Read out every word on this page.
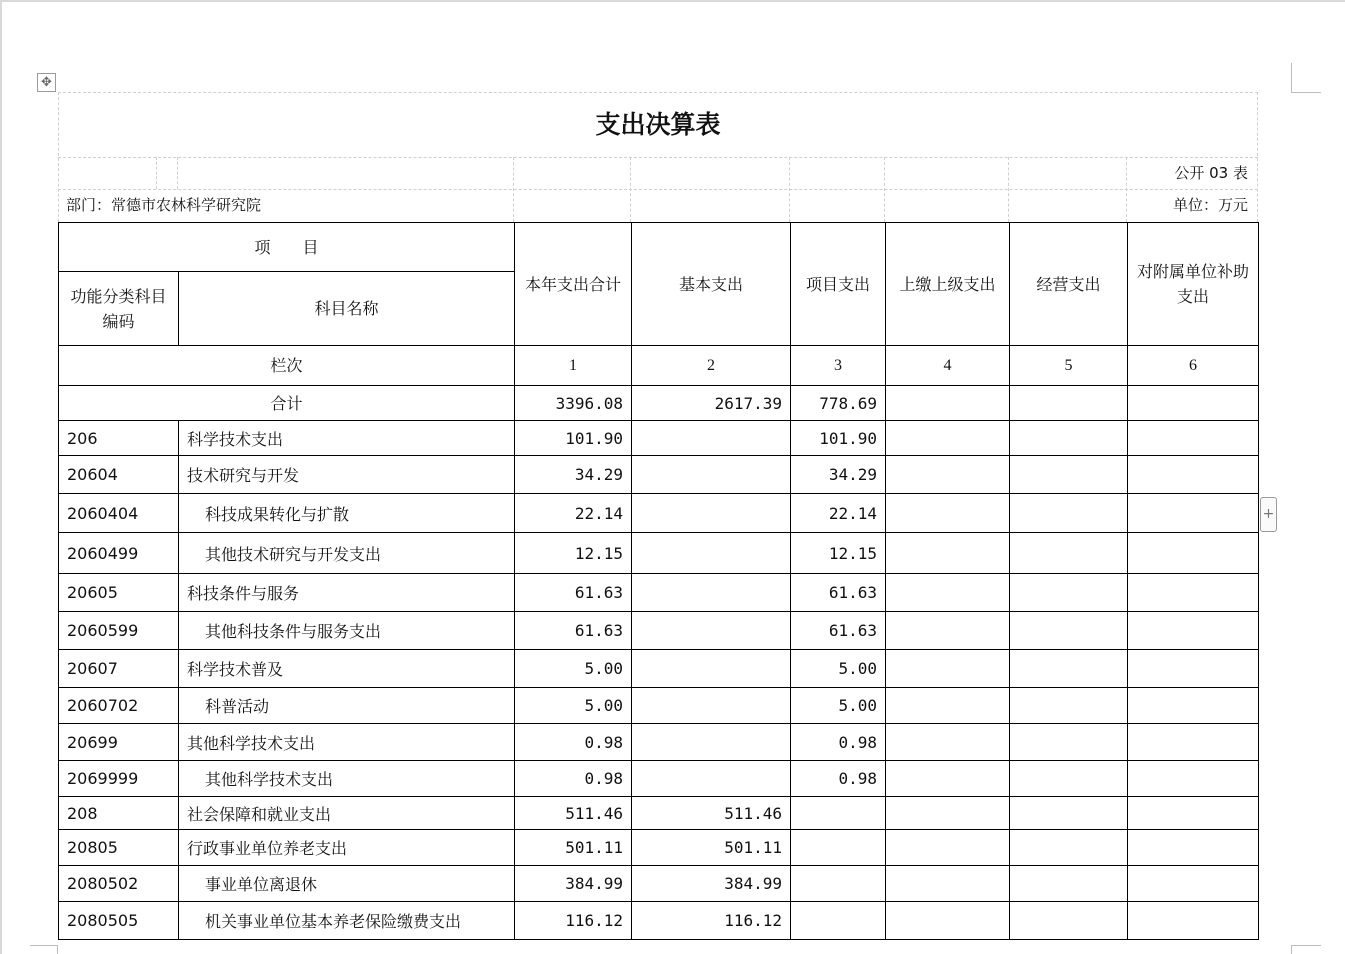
✥
+
支出决算表
公开 03 表
部门：常德市农林科学研究院	单位：万元
项　　目		本年支出合计	基本支出	项目支出	上缴上级支出	经营支出	对附属单位补助支出
功能分类科目编码	科目名称						
栏次		1	2	3	4	5	6
合计		3396.08	2617.39	778.69			
206	科学技术支出	101.90		101.90			
20604	技术研究与开发	34.29		34.29			
2060404	科技成果转化与扩散	22.14		22.14			
2060499	其他技术研究与开发支出	12.15		12.15			
20605	科技条件与服务	61.63		61.63			
2060599	其他科技条件与服务支出	61.63		61.63			
20607	科学技术普及	5.00		5.00			
2060702	科普活动	5.00		5.00			
20699	其他科学技术支出	0.98		0.98			
2069999	其他科学技术支出	0.98		0.98			
208	社会保障和就业支出	511.46	511.46				
20805	行政事业单位养老支出	501.11	501.11				
2080502	事业单位离退休	384.99	384.99				
2080505	机关事业单位基本养老保险缴费支出	116.12	116.12				
